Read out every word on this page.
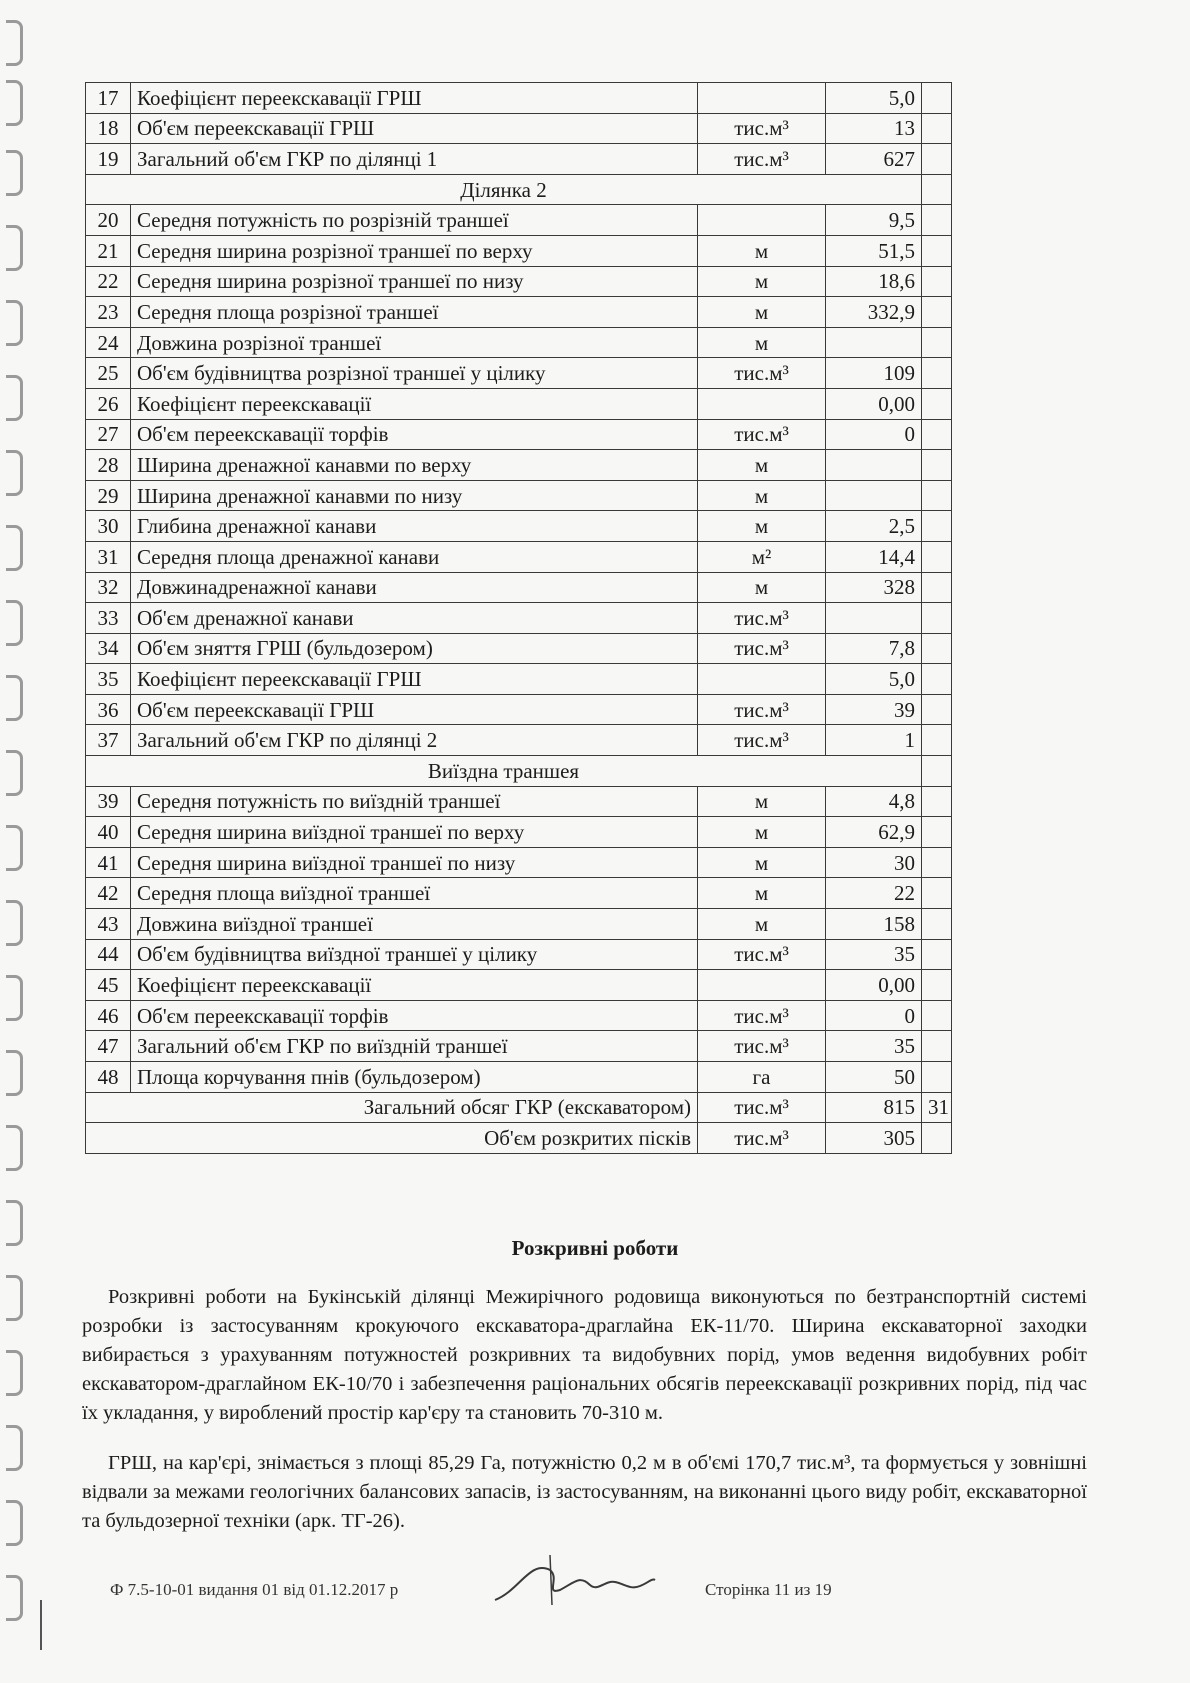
17	Коефіцієнт переекскавації ГРШ		5,0	
18	Об'єм переекскавації ГРШ	тис.м³	13	
19	Загальний об'єм ГКР по ділянці 1	тис.м³	627	
Ділянка 2				
20	Середня потужність по розрізній траншеї		9,5	
21	Середня ширина розрізної траншеї по верху	м	51,5	
22	Середня ширина розрізної траншеї по низу	м	18,6	
23	Середня площа розрізної траншеї	м	332,9	
24	Довжина розрізної траншеї	м		
25	Об'єм будівництва розрізної траншеї у цiлику	тис.м³	109	
26	Коефіцієнт переекскавації		0,00	
27	Об'єм переекскавації торфів	тис.м³	0	
28	Ширина дренажної канавми по верху	м		
29	Ширина дренажної канавми по низу	м		
30	Глибина дренажної канави	м	2,5	
31	Середня площа дренажної канави	м²	14,4	
32	Довжинадренажної канави	м	328	
33	Об'єм дренажної канави	тис.м³		
34	Об'єм зняття ГРШ (бульдозером)	тис.м³	7,8	
35	Коефіцієнт переекскавації ГРШ		5,0	
36	Об'єм переекскавації ГРШ	тис.м³	39	
37	Загальний об'єм ГКР по ділянці 2	тис.м³	1	
Виїздна траншея				
39	Середня потужність по виїздній траншеї	м	4,8	
40	Середня ширина виїздної траншеї по верху	м	62,9	
41	Середня ширина виїздної траншеї по низу	м	30	
42	Середня площа виїздної траншеї	м	22	
43	Довжина виїздної траншеї	м	158	
44	Об'єм будівництва виїздної траншеї у цiлику	тис.м³	35	
45	Коефіцієнт переекскавації		0,00	
46	Об'єм переекскавації торфів	тис.м³	0	
47	Загальний об'єм ГКР по виїздній траншеї	тис.м³	35	
48	Площа корчування пнів (бульдозером)	га	50	
Загальний обсяг ГКР (екскаватором)		тис.м³	815	31
Об'єм розкритих пісків		тис.м³	305	
Розкривні роботи
Розкривні роботи на Букінській ділянці Межирічного родовища виконуються по безтранспортній системі розробки із застосуванням крокуючого екскаватора-драглайна ЕК-11/70. Ширина екскаваторної заходки вибирається з урахуванням потужностей розкривних та видобувних порід, умов ведення видобувних робіт екскаватором-драглайном ЕК-10/70 і забезпечення раціональних обсягів переекскавації розкривних порід, під час їх укладання, у вироблений простір кар'єру та становить 70-310 м.
ГРШ, на кар'єрі, знімається з площі 85,29 Га, потужністю 0,2 м в об'ємі 170,7 тис.м³, та формується у зовнішні відвали за межами геологічних балансових запасів, із застосуванням, на виконанні цього виду робіт, екскаваторної та бульдозерної техніки (арк. ТГ-26).
Ф 7.5-10-01 видання 01 від 01.12.2017 р	Сторінка 11 из 19
